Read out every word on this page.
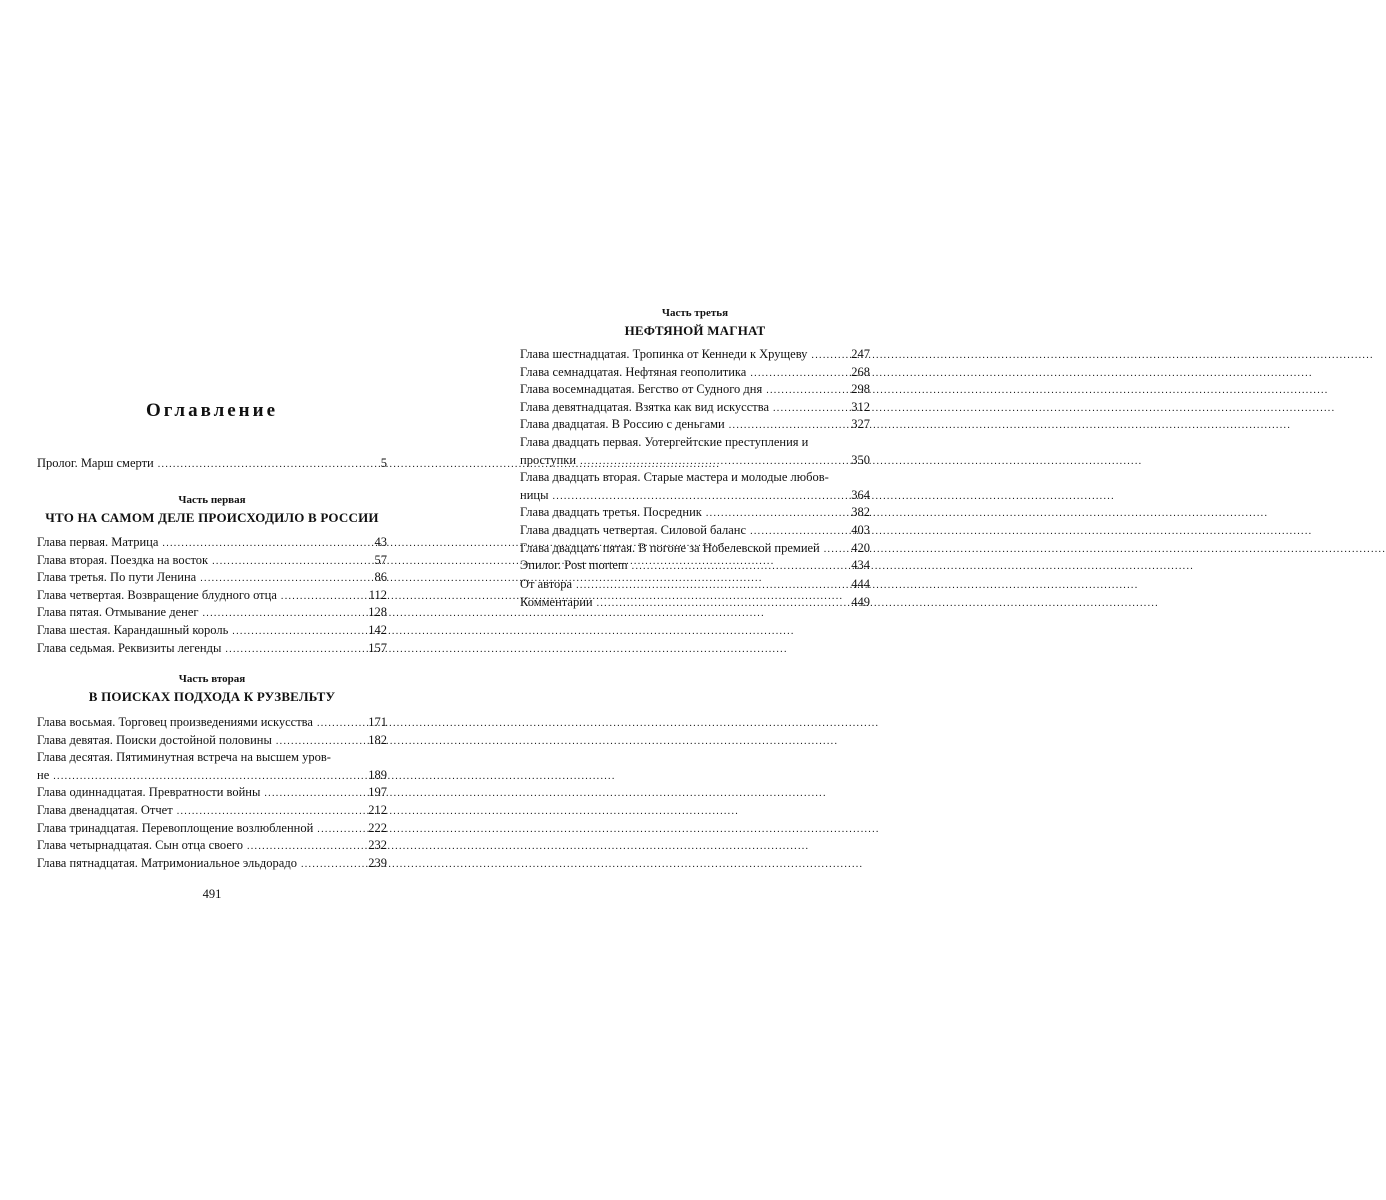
Оглавление
Пролог. Марш смерти .....	5
Часть первая
ЧТО НА САМОМ ДЕЛЕ ПРОИСХОДИЛО В РОССИИ
Глава первая. Матрица .....	43
Глава вторая. Поездка на восток .....	57
Глава третья. По пути Ленина .....	86
Глава четвертая. Возвращение блудного отца .....	112
Глава пятая. Отмывание денег .....	128
Глава шестая. Карандашный король .....	142
Глава седьмая. Реквизиты легенды .....	157
Часть вторая
В ПОИСКАХ ПОДХОДА К РУЗВЕЛЬТУ
Глава восьмая. Торговец произведениями искусства .....	171
Глава девятая. Поиски достойной половины .....	182
Глава десятая. Пятиминутная встреча на высшем уров-
не .....	189
Глава одиннадцатая. Превратности войны .....	197
Глава двенадцатая. Отчет .....	212
Глава тринадцатая. Перевоплощение возлюбленной .....	222
Глава четырнадцатая. Сын отца своего .....	232
Глава пятнадцатая. Матримониальное эльдорадо .....	239
491
Часть третья
НЕФТЯНОЙ МАГНАТ
Глава шестнадцатая. Тропинка от Кеннеди к Хрущеву .....	247
Глава семнадцатая. Нефтяная геополитика .....	268
Глава восемнадцатая. Бегство от Судного дня .....	298
Глава девятнадцатая. Взятка как вид искусства .....	312
Глава двадцатая. В Россию с деньгами .....	327
Глава двадцать первая. Уотергейтские преступления и
проступки .....	350
Глава двадцать вторая. Старые мастера и молодые любов-
ницы .....	364
Глава двадцать третья. Посредник .....	382
Глава двадцать четвертая. Силовой баланс .....	403
Глава двадцать пятая. В погоне за Нобелевской премией .....	420
Эпилог. Post mortem .....	434
От автора .....	444
Комментарии .....	449
